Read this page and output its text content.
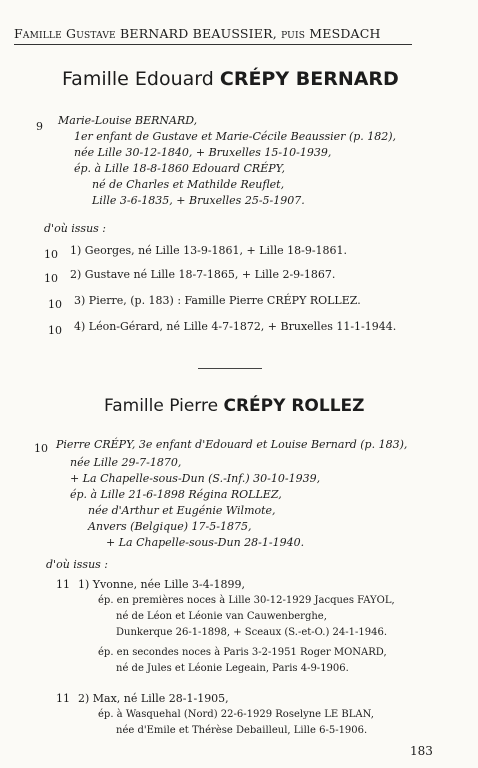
Famille Gustave BERNARD BEAUSSIER, puis MESDACH
Famille Edouard CRÉPY BERNARD
9 Marie-Louise BERNARD,
1er enfant de Gustave et Marie-Cécile Beaussier (p. 182),
née Lille 30-12-1840, + Bruxelles 15-10-1939,
ép. à Lille 18-8-1860 Edouard CRÉPY,
né de Charles et Mathilde Reuflet,
Lille 3-6-1835, + Bruxelles 25-5-1907.
d'où issus :
10 1) Georges, né Lille 13-9-1861, + Lille 18-9-1861.
10 2) Gustave né Lille 18-7-1865, + Lille 2-9-1867.
10 3) Pierre, (p. 183) : Famille Pierre CRÉPY ROLLEZ.
10 4) Léon-Gérard, né Lille 4-7-1872, + Bruxelles 11-1-1944.
Famille Pierre CRÉPY ROLLEZ
10 Pierre CRÉPY, 3e enfant d'Edouard et Louise Bernard (p. 183),
née Lille 29-7-1870,
+ La Chapelle-sous-Dun (S.-Inf.) 30-10-1939,
ép. à Lille 21-6-1898 Régina ROLLEZ,
née d'Arthur et Eugénie Wilmote,
Anvers (Belgique) 17-5-1875,
+ La Chapelle-sous-Dun 28-1-1940.
d'où issus :
11 1) Yvonne, née Lille 3-4-1899,
ép. en premières noces à Lille 30-12-1929 Jacques FAYOL,
né de Léon et Léonie van Cauwenberghe,
Dunkerque 26-1-1898, + Sceaux (S.-et-O.) 24-1-1946.
ép. en secondes noces à Paris 3-2-1951 Roger MONARD,
né de Jules et Léonie Legeain, Paris 4-9-1906.
11 2) Max, né Lille 28-1-1905,
ép. à Wasquehal (Nord) 22-6-1929 Roselyne LE BLAN,
née d'Emile et Thérèse Debailleul, Lille 6-5-1906.
183
